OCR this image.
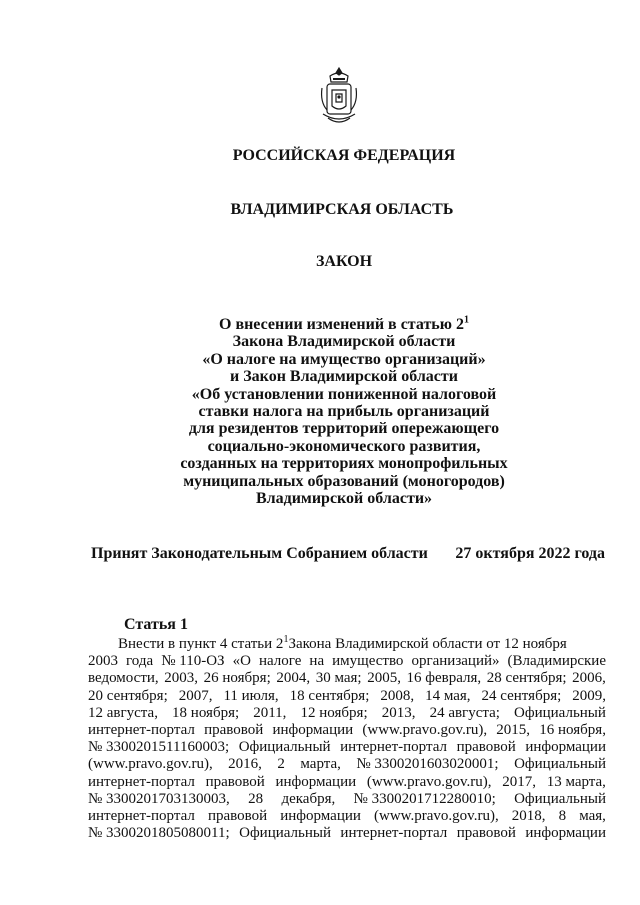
РОССИЙСКАЯ ФЕДЕРАЦИЯ
ВЛАДИМИРСКАЯ ОБЛАСТЬ
ЗАКОН
О внесении изменений в статью $2^1$
Закона Владимирской области
«О налоге на имущество организаций»
и Закон Владимирской области
«Об установлении пониженной налоговой
ставки налога на прибыль организаций
для резидентов территорий опережающего
социально-экономического развития,
созданных на территориях монопрофильных
муниципальных образований (моногородов)
Владимирской области»
Принят Законодательным Собранием области 27 октября 2022 года
Статья 1
Внести в пункт 4 статьи $2^1Закона$ Владимирской области от 12 ноября
2003 года № 110-ОЗ «О налоге на имущество организаций» (Владимирские
ведомости, 2003, 26 ноября; 2004, 30 мая; 2005, 16 февраля, 28 сентября; 2006,
20 сентября; 2007, 11 июля, 18 сентября; 2008, 14 мая, 24 сентября; 2009,
12 августа, 18 ноября; 2011, 12 ноября; 2013, 24 августа; Официальный
интернет-портал правовой информации (www.pravo.gov.ru), 2015, 16 ноября,
№ 3300201511160003; Официальный интернет-портал правовой информации
(www.pravo.gov.ru), 2016, 2 марта, № 3300201603020001; Официальный
интернет-портал правовой информации (www.pravo.gov.ru), 2017, 13 марта,
№ 3300201703130003, 28 декабря, № 3300201712280010; Официальный
интернет-портал правовой информации (www.pravo.gov.ru), 2018, 8 мая,
№ 3300201805080011; Официальный интернет-портал правовой информации
